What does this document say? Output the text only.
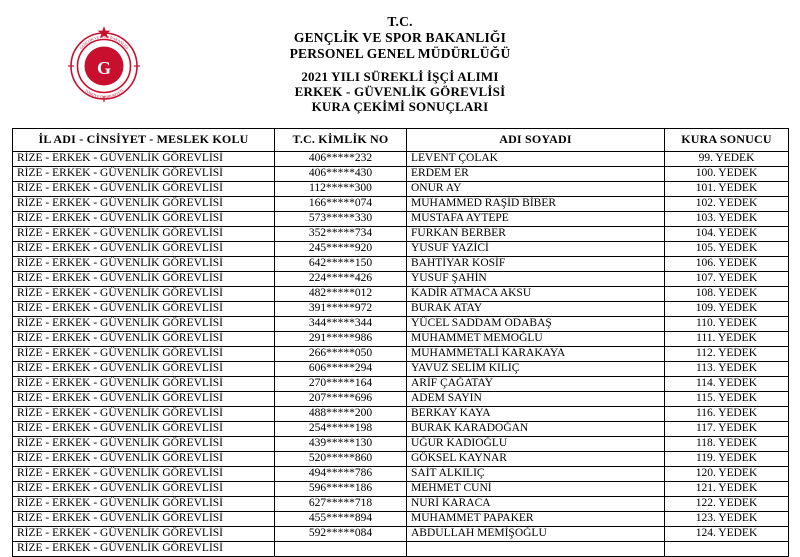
G
GENÇLİK VE SPOR BAKANLIĞI
TÜRKİYE CUMHURİYETİ
T.C.
GENÇLİK VE SPOR BAKANLIĞI
PERSONEL GENEL MÜDÜRLÜĞÜ
2021 YILI SÜREKLİ İŞÇİ ALIMI
ERKEK - GÜVENLİK GÖREVLİSİ
KURA ÇEKİMİ SONUÇLARI
İL ADI - CİNSİYET - MESLEK KOLU	T.C. KİMLİK NO	ADI SOYADI	KURA SONUCU
RİZE - ERKEK - GÜVENLİK GÖREVLİSİ	406*****232	LEVENT ÇOLAK	99. YEDEK
RİZE - ERKEK - GÜVENLİK GÖREVLİSİ	406*****430	ERDEM ER	100. YEDEK
RİZE - ERKEK - GÜVENLİK GÖREVLİSİ	112*****300	ONUR AY	101. YEDEK
RİZE - ERKEK - GÜVENLİK GÖREVLİSİ	166*****074	MUHAMMED RAŞİD BİBER	102. YEDEK
RİZE - ERKEK - GÜVENLİK GÖREVLİSİ	573*****330	MUSTAFA AYTEPE	103. YEDEK
RİZE - ERKEK - GÜVENLİK GÖREVLİSİ	352*****734	FURKAN BERBER	104. YEDEK
RİZE - ERKEK - GÜVENLİK GÖREVLİSİ	245*****920	YUSUF YAZİCİ	105. YEDEK
RİZE - ERKEK - GÜVENLİK GÖREVLİSİ	642*****150	BAHTİYAR KOSİF	106. YEDEK
RİZE - ERKEK - GÜVENLİK GÖREVLİSİ	224*****426	YUSUF ŞAHİN	107. YEDEK
RİZE - ERKEK - GÜVENLİK GÖREVLİSİ	482*****012	KADİR ATMACA AKSU	108. YEDEK
RİZE - ERKEK - GÜVENLİK GÖREVLİSİ	391*****972	BURAK ATAY	109. YEDEK
RİZE - ERKEK - GÜVENLİK GÖREVLİSİ	344*****344	YÜCEL SADDAM ODABAŞ	110. YEDEK
RİZE - ERKEK - GÜVENLİK GÖREVLİSİ	291*****986	MUHAMMET MEMOĞLU	111. YEDEK
RİZE - ERKEK - GÜVENLİK GÖREVLİSİ	266*****050	MUHAMMETALİ KARAKAYA	112. YEDEK
RİZE - ERKEK - GÜVENLİK GÖREVLİSİ	606*****294	YAVUZ SELİM KILIÇ	113. YEDEK
RİZE - ERKEK - GÜVENLİK GÖREVLİSİ	270*****164	ARİF ÇAĞATAY	114. YEDEK
RİZE - ERKEK - GÜVENLİK GÖREVLİSİ	207*****696	ADEM SAYIN	115. YEDEK
RİZE - ERKEK - GÜVENLİK GÖREVLİSİ	488*****200	BERKAY KAYA	116. YEDEK
RİZE - ERKEK - GÜVENLİK GÖREVLİSİ	254*****198	BURAK KARADOĞAN	117. YEDEK
RİZE - ERKEK - GÜVENLİK GÖREVLİSİ	439*****130	UĞUR KADIOĞLU	118. YEDEK
RİZE - ERKEK - GÜVENLİK GÖREVLİSİ	520*****860	GÖKSEL KAYNAR	119. YEDEK
RİZE - ERKEK - GÜVENLİK GÖREVLİSİ	494*****786	SAİT ALKILIÇ	120. YEDEK
RİZE - ERKEK - GÜVENLİK GÖREVLİSİ	596*****186	MEHMET CUNİ	121. YEDEK
RİZE - ERKEK - GÜVENLİK GÖREVLİSİ	627*****718	NURİ KARACA	122. YEDEK
RİZE - ERKEK - GÜVENLİK GÖREVLİSİ	455*****894	MUHAMMET PAPAKER	123. YEDEK
RİZE - ERKEK - GÜVENLİK GÖREVLİSİ	592*****084	ABDULLAH MEMİŞOĞLU	124. YEDEK
RİZE - ERKEK - GÜVENLİK GÖREVLİSİ			
